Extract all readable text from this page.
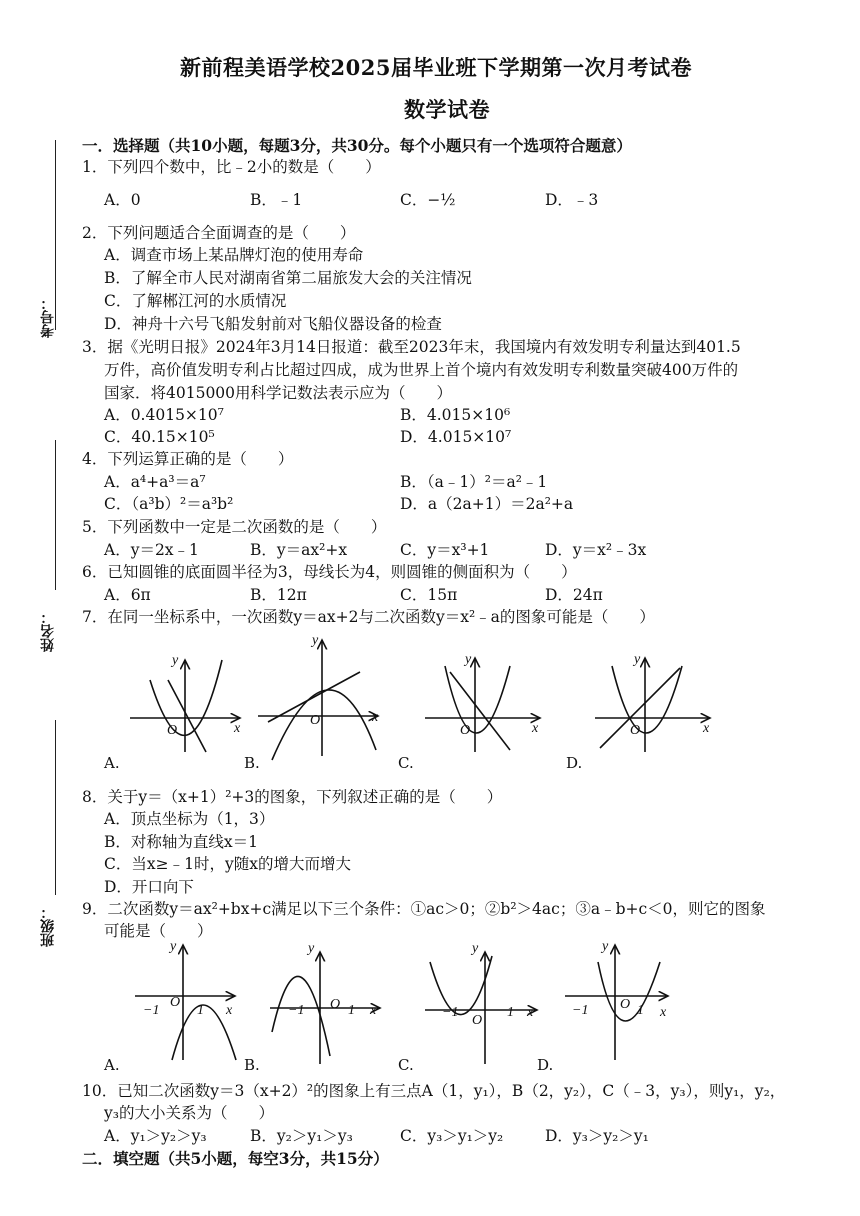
新前程美语学校2025届毕业班下学期第一次月考试卷
数学试卷
考号：
姓名：
班级：
一．选择题（共10小题，每题3分，共30分。每个小题只有一个选项符合题意）
1．下列四个数中，比﹣2小的数是（　　）
A．0	B．﹣1	C．−½	D．﹣3
2．下列问题适合全面调查的是（　　）
A．调查市场上某品牌灯泡的使用寿命
B．了解全市人民对湖南省第二届旅发大会的关注情况
C．了解郴江河的水质情况
D．神舟十六号飞船发射前对飞船仪器设备的检查
3．据《光明日报》2024年3月14日报道：截至2023年末，我国境内有效发明专利量达到401.5
万件，高价值发明专利占比超过四成，成为世界上首个境内有效发明专利数量突破400万件的
国家．将4015000用科学记数法表示应为（　　）
A．0.4015×10⁷	B．4.015×10⁶
C．40.15×10⁵	D．4.015×10⁷
4．下列运算正确的是（　　）
A．a⁴+a³＝a⁷	B．（a﹣1）²＝a²﹣1
C．（a³b）²＝a³b²	D．a（2a+1）＝2a²+a
5．下列函数中一定是二次函数的是（　　）
A．y＝2x﹣1	B．y＝ax²+x	C．y＝x³+1	D．y＝x²﹣3x
6．已知圆锥的底面圆半径为3，母线长为4，则圆锥的侧面积为（　　）
A．6π	B．12π	C．15π	D．24π
7．在同一坐标系中，一次函数y＝ax+2与二次函数y＝x²﹣a的图象可能是（　　）
y
x
O
y
x
O
y
x
O
y
x
O
y
x
O
−1	1
y
x
O
−1	1
y
x
O
−1	1
y
x
O
−1	1
A.	B.	C.	D.
8．关于y＝（x+1）²+3的图象，下列叙述正确的是（　　）
A．顶点坐标为（1，3）
B．对称轴为直线x＝1
C．当x≥﹣1时，y随x的增大而增大
D．开口向下
9．二次函数y＝ax²+bx+c满足以下三个条件：①ac＞0；②b²＞4ac；③a﹣b+c＜0，则它的图象
可能是（　　）
A.	B.	C.	D.
10．已知二次函数y＝3（x+2）²的图象上有三点A（1，y₁），B（2，y₂），C（﹣3，y₃），则y₁，y₂，
y₃的大小关系为（　　）
A．y₁＞y₂＞y₃	B．y₂＞y₁＞y₃	C．y₃＞y₁＞y₂	D．y₃＞y₂＞y₁
二．填空题（共5小题，每空3分，共15分）
